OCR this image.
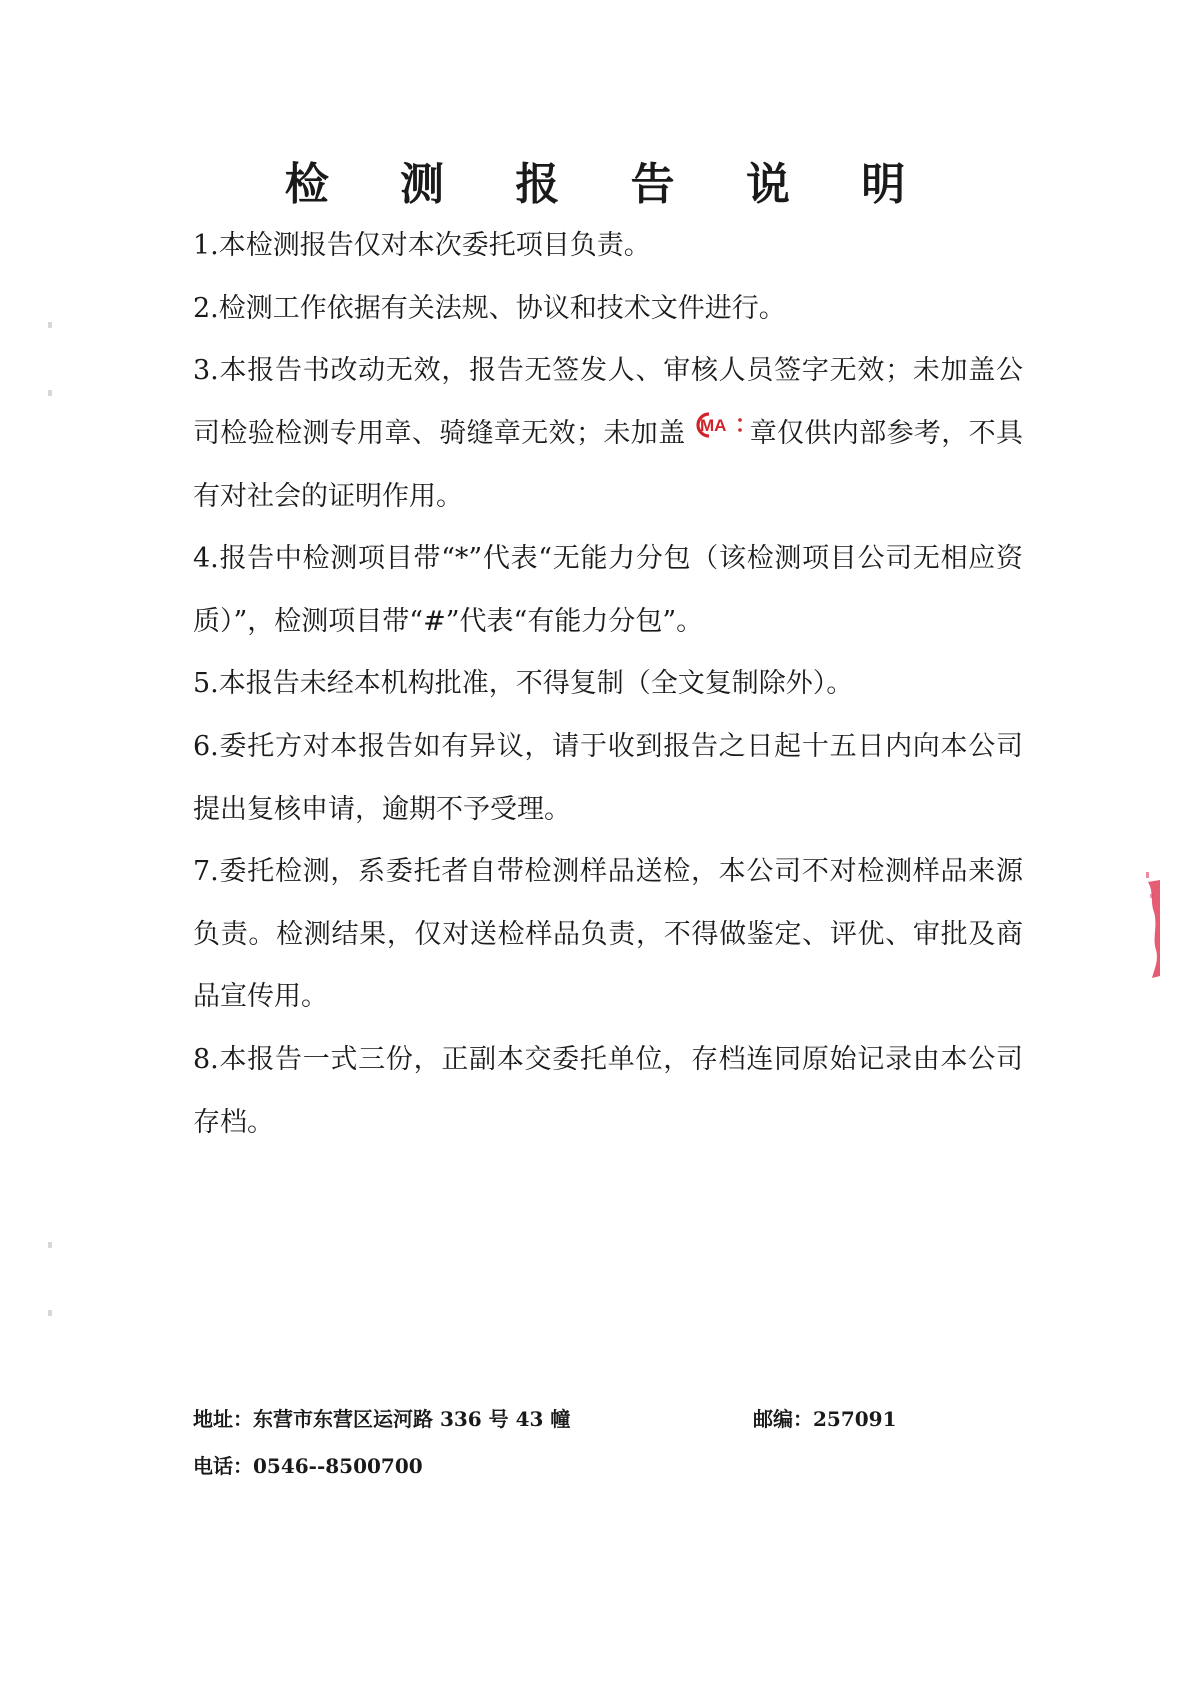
检 测 报 告 说 明

1.本检测报告仅对本次委托项目负责。

2.检测工作依据有关法规、协议和技术文件进行。

3.本报告书改动无效，报告无签发人、审核人员签字无效；未加盖公司检验检测专用章、骑缝章无效；未加盖 MA 章仅供内部参考，不具有对社会的证明作用。

4.报告中检测项目带“*”代表“无能力分包（该检测项目公司无相应资质）”，检测项目带“#”代表“有能力分包”。

5.本报告未经本机构批准，不得复制（全文复制除外）。

6.委托方对本报告如有异议，请于收到报告之日起十五日内向本公司提出复核申请，逾期不予受理。

7.委托检测，系委托者自带检测样品送检，本公司不对检测样品来源负责。检测结果，仅对送检样品负责，不得做鉴定、评优、审批及商品宣传用。

8.本报告一式三份，正副本交委托单位，存档连同原始记录由本公司存档。

地址：东营市东营区运河路 336 号 43 幢	邮编：257091
电话：0546--8500700
